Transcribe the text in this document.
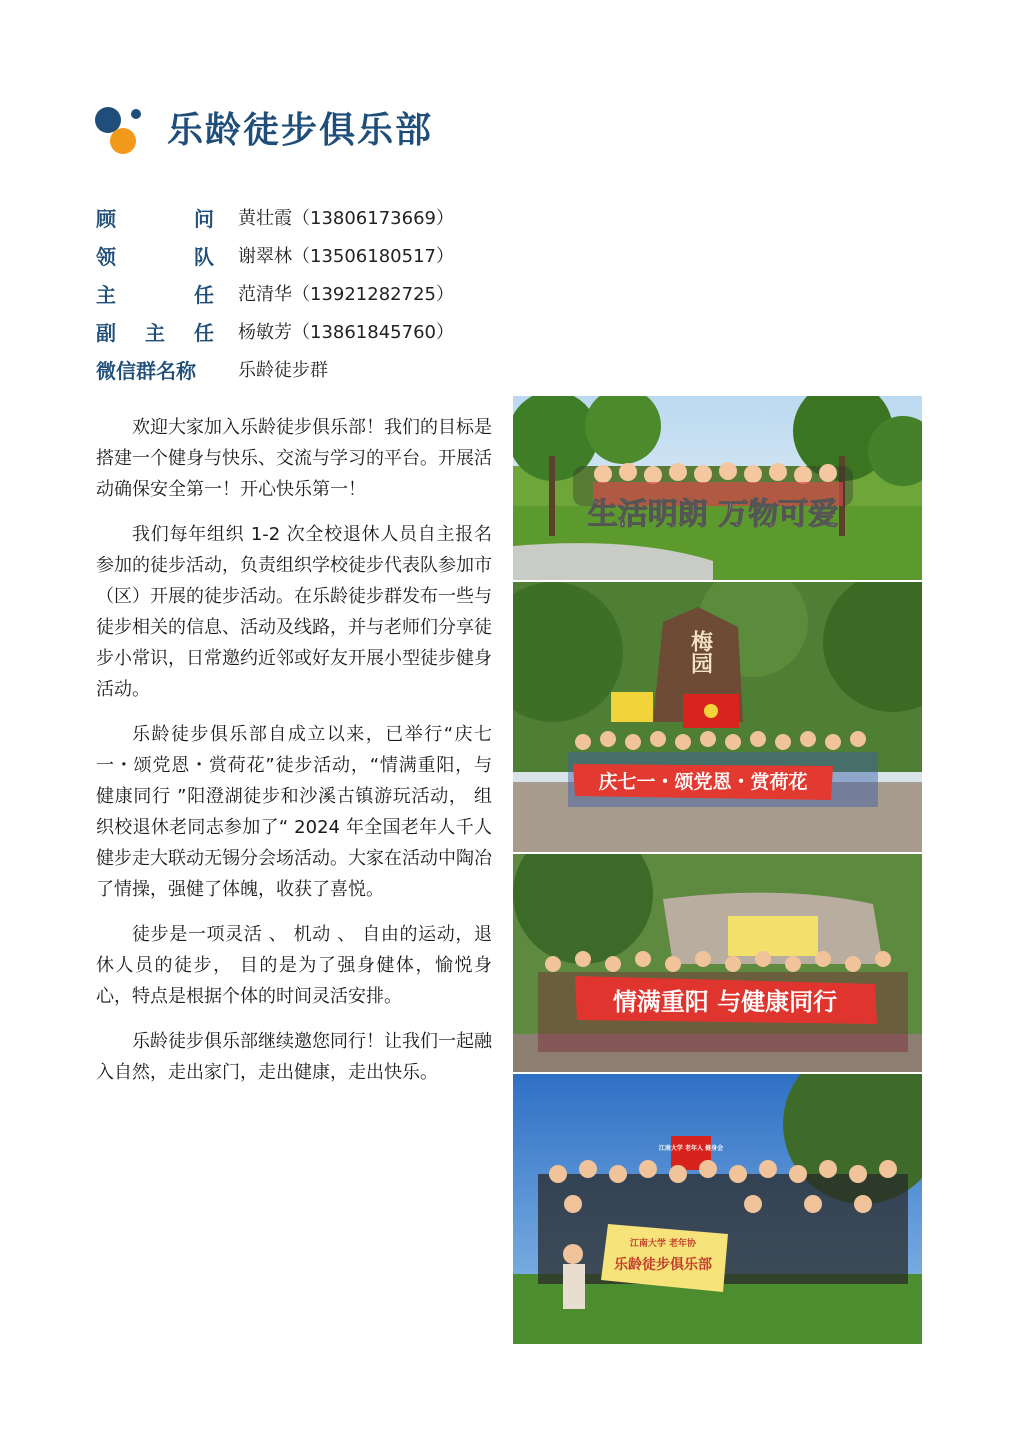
乐龄徒步俱乐部
顾	问 黄壮霞（13806173669）
领	队 谢翠林（13506180517）
主	任 范清华（13921282725）
副 主 任 杨敏芳（13861845760）
微信群名称 乐龄徒步群

欢迎大家加入乐龄徒步俱乐部！我们的目标是搭建一个健身与快乐、交流与学习的平台。开展活动确保安全第一！开心快乐第一！

我们每年组织 1-2 次全校退休人员自主报名参加的徒步活动，负责组织学校徒步代表队参加市（区）开展的徒步活动。在乐龄徒步群发布一些与徒步相关的信息、活动及线路，并与老师们分享徒步小常识，日常邀约近邻或好友开展小型徒步健身活动。

乐龄徒步俱乐部自成立以来，已举行“庆七一・颂党恩・赏荷花”徒步活动，“情满重阳，与健康同行 ”阳澄湖徒步和沙溪古镇游玩活动， 组织校退休老同志参加了“ 2024 年全国老年人千人健步走大联动无锡分会场活动。大家在活动中陶冶了情操，强健了体魄，收获了喜悦。

徒步是一项灵活 、 机动 、 自由的运动，退休人员的徒步， 目的是为了强身健体，愉悦身心，特点是根据个体的时间灵活安排。

乐龄徒步俱乐部继续邀您同行！让我们一起融入自然，走出家门，走出健康，走出快乐。

生活明朗 万物可爱
梅园
庆七一・颂党恩・赏荷花
情满重阳 与健康同行
江南大学 老年人 健身会
江南大学 老年协
乐龄徒步俱乐部
